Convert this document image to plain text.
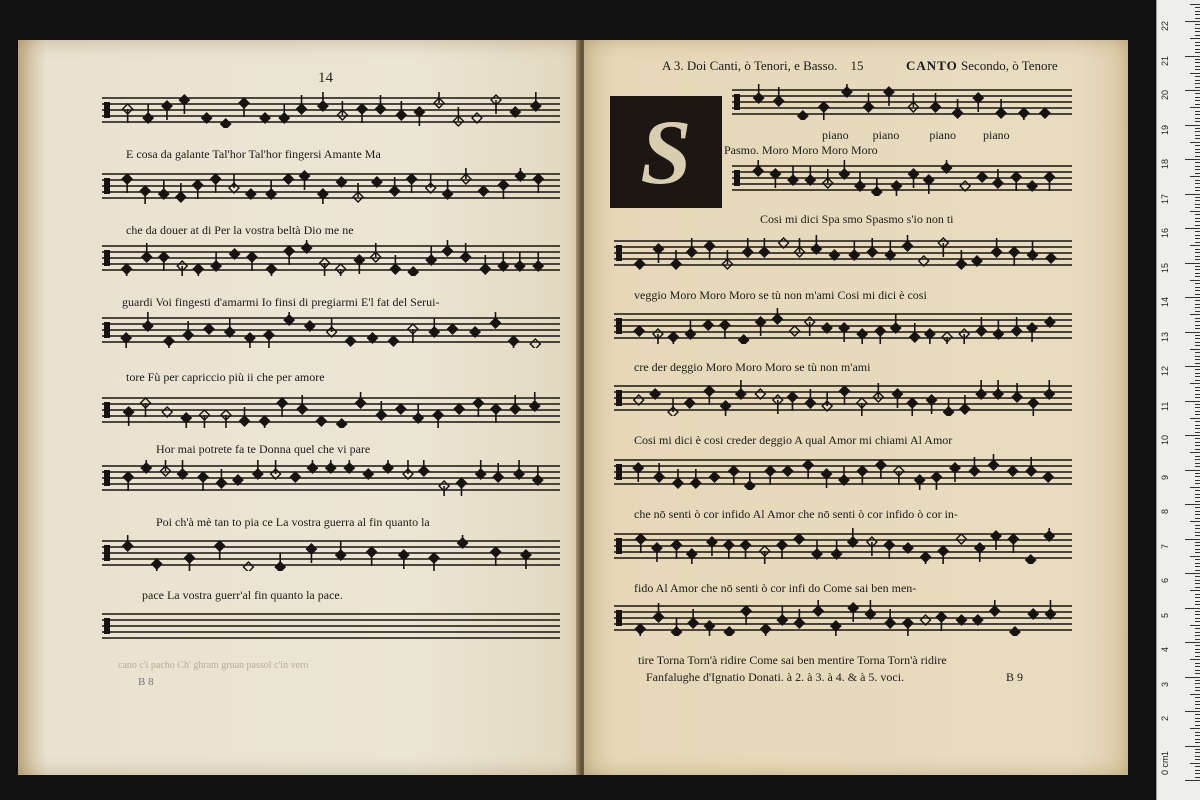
14
E cosa da galante Tal'hor Tal'hor fingersi Amante Ma
che da douer at di Per la vostra beltà Dio me ne
guardi Voi fingesti d'amarmi Io finsi di pregiarmi E'l fat del Serui-
tore Fù per capriccio più ii che per amore
Hor mai potrete fa te Donna quel che vi pare
Poi ch'à mè tan to pia ce La vostra guerra al fin quanto la
pace La vostra guerr'al fin quanto la pace.
cano c'i pacho Ch' ghram gruan passol c'in vero
B 8
A 3. Doi Canti, ò Tenori, e Basso. 15	CANTO Secondo, ò Tenore
S	piano piano	piano piano
Pasmo. Moro Moro Moro Moro
Cosi mi dici Spa smo Spasmo s'io non ti
veggio Moro Moro Moro se tù non m'ami Cosi mi dici è cosi
cre der deggio Moro Moro Moro se tù non m'ami
Cosi mi dici è cosi creder deggio A qual Amor mi chiami Al Amor
che nō senti ò cor infido Al Amor che nō senti ò cor infido ò cor in-
fido Al Amor che nō senti ò cor infi do Come sai ben men-
tire Torna Torn'à ridire Come sai ben mentire Torna Torn'à ridire
Fanfalughe d'Ignatio Donati. à 2. à 3. à 4. & à 5. voci.	B 9
0 cm
1
2
3
4
5
6
7
8
9
10
11
12
13
14
15
16
17
18
19
20
21
22
